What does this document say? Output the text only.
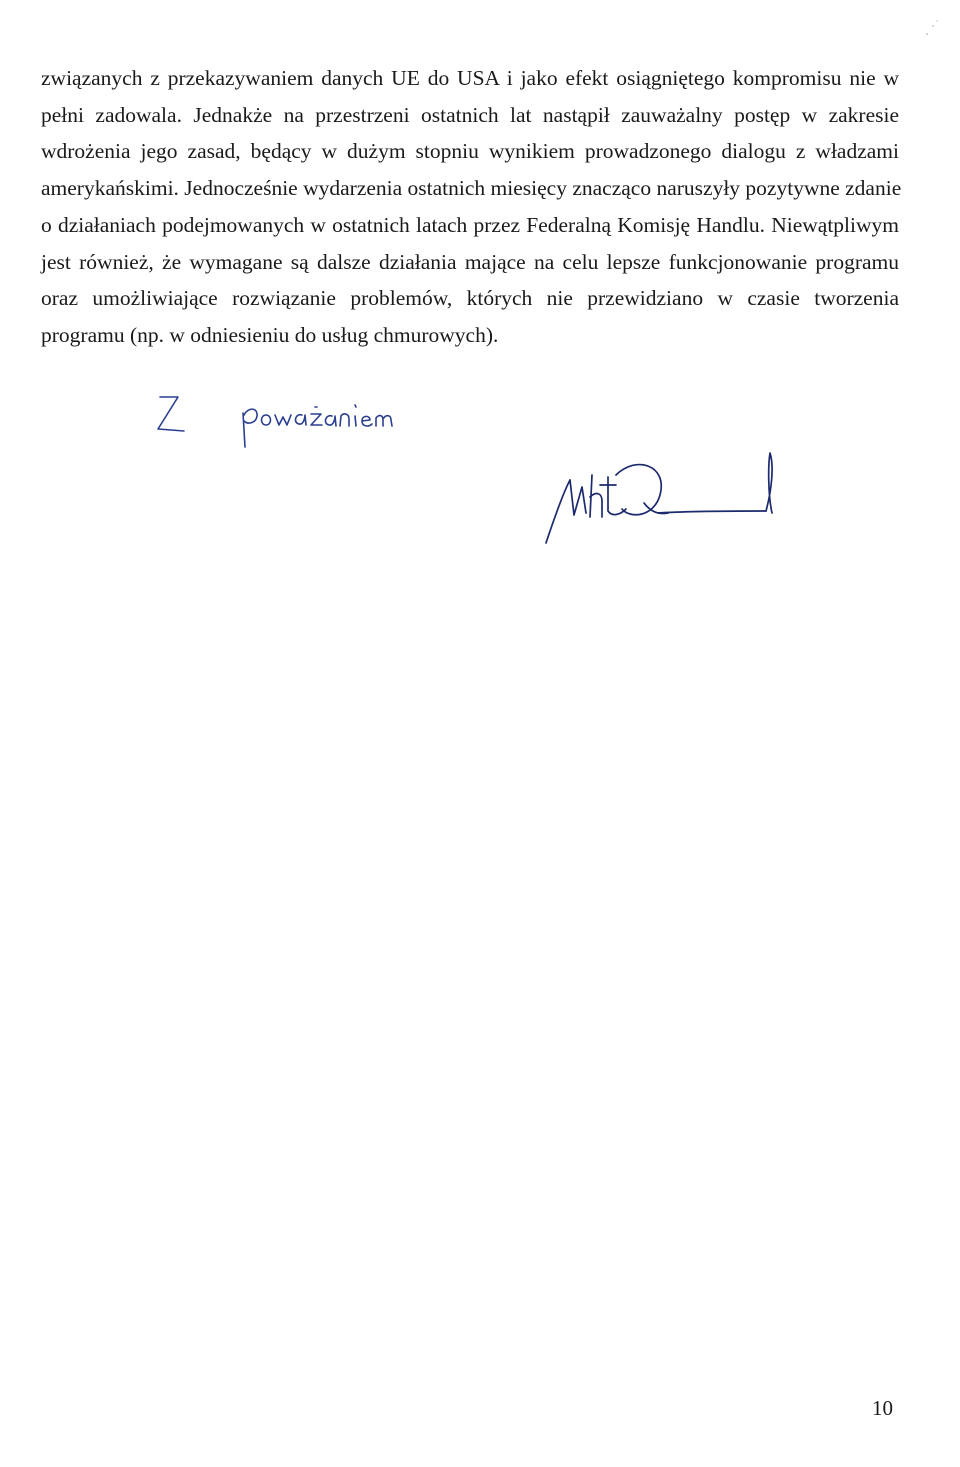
związanych z przekazywaniem danych UE do USA i jako efekt osiągniętego kompromisu nie w
pełni zadowala. Jednakże na przestrzeni ostatnich lat nastąpił zauważalny postęp w zakresie
wdrożenia jego zasad, będący w dużym stopniu wynikiem prowadzonego dialogu z władzami
amerykańskimi. Jednocześnie wydarzenia ostatnich miesięcy znacząco naruszyły pozytywne zdanie
o działaniach podejmowanych w ostatnich latach przez Federalną Komisję Handlu. Niewątpliwym
jest również, że wymagane są dalsze działania mające na celu lepsze funkcjonowanie programu
oraz umożliwiające rozwiązanie problemów, których nie przewidziano w czasie tworzenia
programu (np. w odniesieniu do usług chmurowych).
10
